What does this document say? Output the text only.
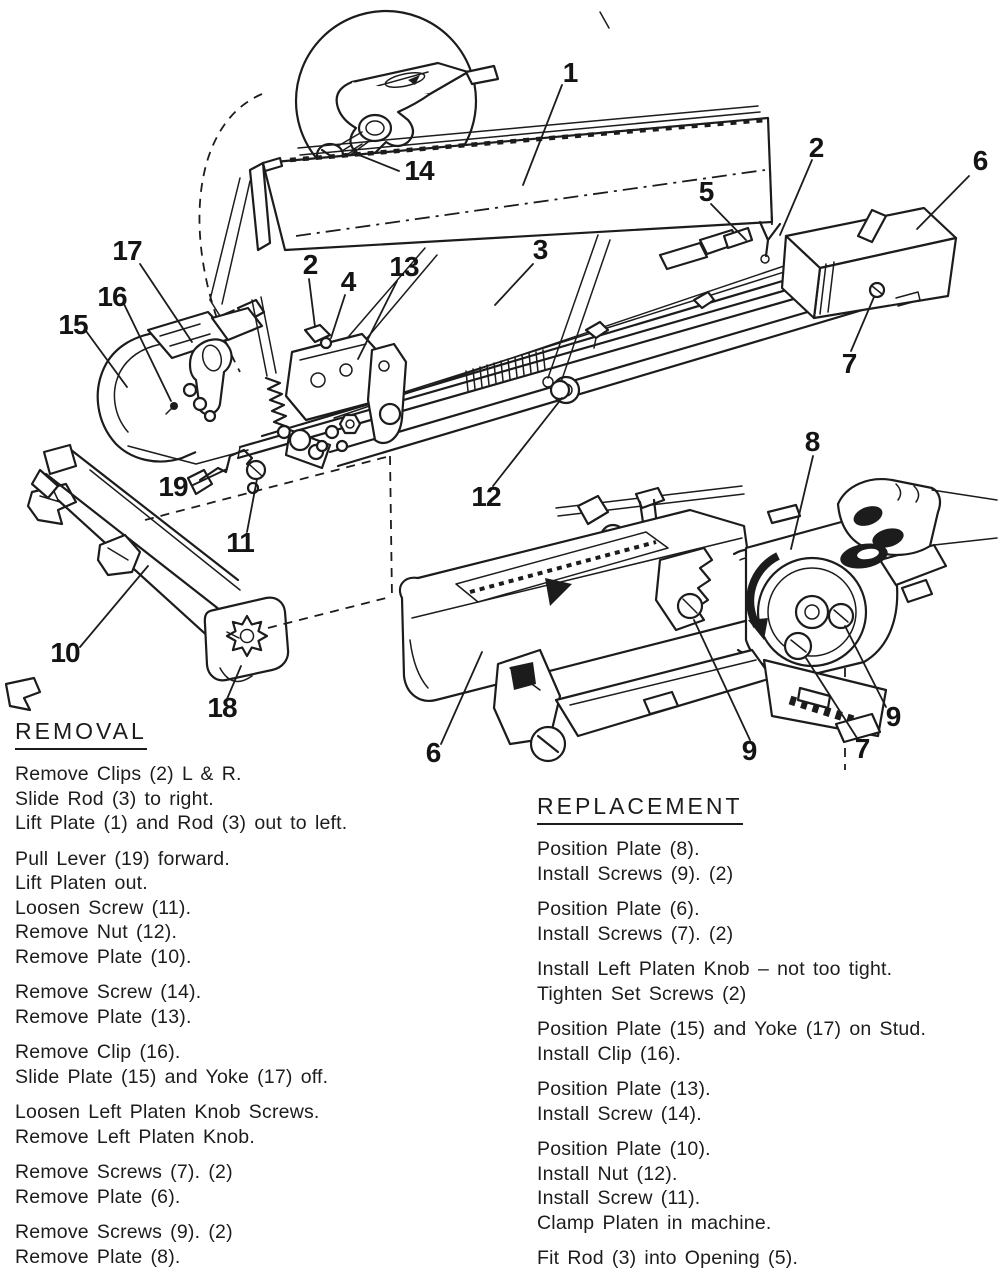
1
2	6
5
3
2
4 13
17
16
15
7
8
12
19
11
10
18
6	9	7
9
14
REMOVAL
Remove Clips (2) L & R.
Slide Rod (3) to right.
Lift Plate (1) and Rod (3) out to left.
Pull Lever (19) forward.
Lift Platen out.
Loosen Screw (11).
Remove Nut (12).
Remove Plate (10).
Remove Screw (14).
Remove Plate (13).
Remove Clip (16).
Slide Plate (15) and Yoke (17) off.
Loosen Left Platen Knob Screws.
Remove Left Platen Knob.
Remove Screws (7). (2)
Remove Plate (6).
Remove Screws (9). (2)
Remove Plate (8).
REPLACEMENT
Position Plate (8).
Install Screws (9). (2)
Position Plate (6).
Install Screws (7). (2)
Install Left Platen Knob – not too tight.
Tighten Set Screws (2)
Position Plate (15) and Yoke (17) on Stud.
Install Clip (16).
Position Plate (13).
Install Screw (14).
Position Plate (10).
Install Nut (12).
Install Screw (11).
Clamp Platen in machine.
Fit Rod (3) into Opening (5).
